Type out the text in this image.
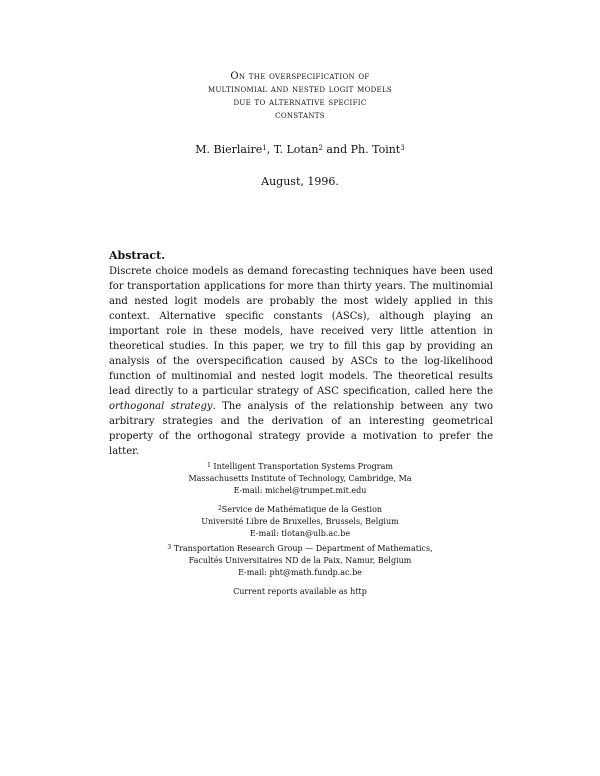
On the overspecification of
multinomial and nested logit models
due to alternative specific
constants
M. Bierlaire$^1$, T. Lotan$^2$ and Ph. Toint$^3$
August, 1996.
Abstract.
Discrete choice models as demand forecasting techniques have been used for transportation applications for more than thirty years. The multinomial and nested logit models are probably the most widely applied in this context. Alternative specific constants (ASCs), although playing an important role in these models, have received very little attention in theoretical studies. In this paper, we try to fill this gap by providing an analysis of the overspecification caused by ASCs to the log-likelihood function of multinomial and nested logit models. The theoretical results lead directly to a particular strategy of ASC specification, called here the orthogonal strategy. The analysis of the relationship between any two arbitrary strategies and the derivation of an interesting geometrical property of the orthogonal strategy provide a motivation to prefer the latter.
$^1$ Intelligent Transportation Systems Program
Massachusetts Institute of Technology, Cambridge, Ma
E-mail: michel@trumpet.mit.edu
$^2$Service de Mathématique de la Gestion
Université Libre de Bruxelles, Brussels, Belgium
E-mail: tlotan@ulb.ac.be
$^3$ Transportation Research Group — Department of Mathematics,
Facultés Universitaires ND de la Paix, Namur, Belgium
E-mail: pht@math.fundp.ac.be
Current reports available as http
